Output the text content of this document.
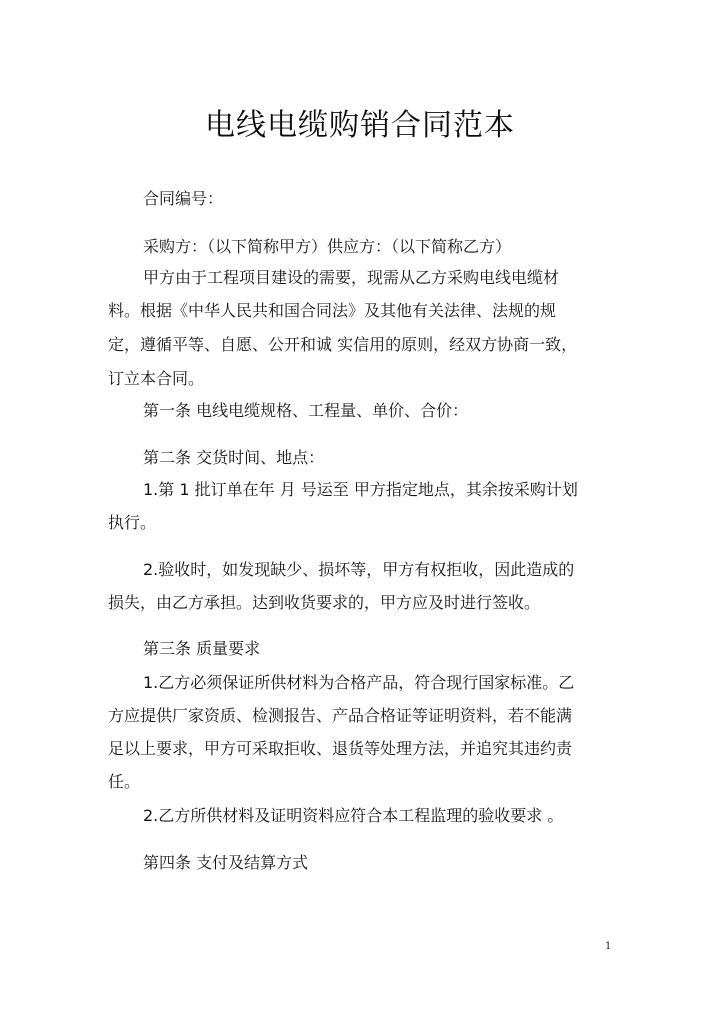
电线电缆购销合同范本
合同编号：
采购方：（以下简称甲方）供应方：（以下简称乙方）
甲方由于工程项目建设的需要，现需从乙方采购电线电缆材
料。根据《中华人民共和国合同法》及其他有关法律、法规的规
定，遵循平等、自愿、公开和诚 实信用的原则，经双方协商一致，
订立本合同。
第一条 电线电缆规格、工程量、单价、合价：
第二条 交货时间、地点：
1.第 1 批订单在年 月 号运至 甲方指定地点，其余按采购计划
执行。
2.验收时，如发现缺少、损坏等，甲方有权拒收，因此造成的
损失，由乙方承担。达到收货要求的，甲方应及时进行签收。
第三条 质量要求
1.乙方必须保证所供材料为合格产品，符合现行国家标准。乙
方应提供厂家资质、检测报告、产品合格证等证明资料，若不能满
足以上要求，甲方可采取拒收、退货等处理方法，并追究其违约责
任。
2.乙方所供材料及证明资料应符合本工程监理的验收要求 。
第四条 支付及结算方式
1
